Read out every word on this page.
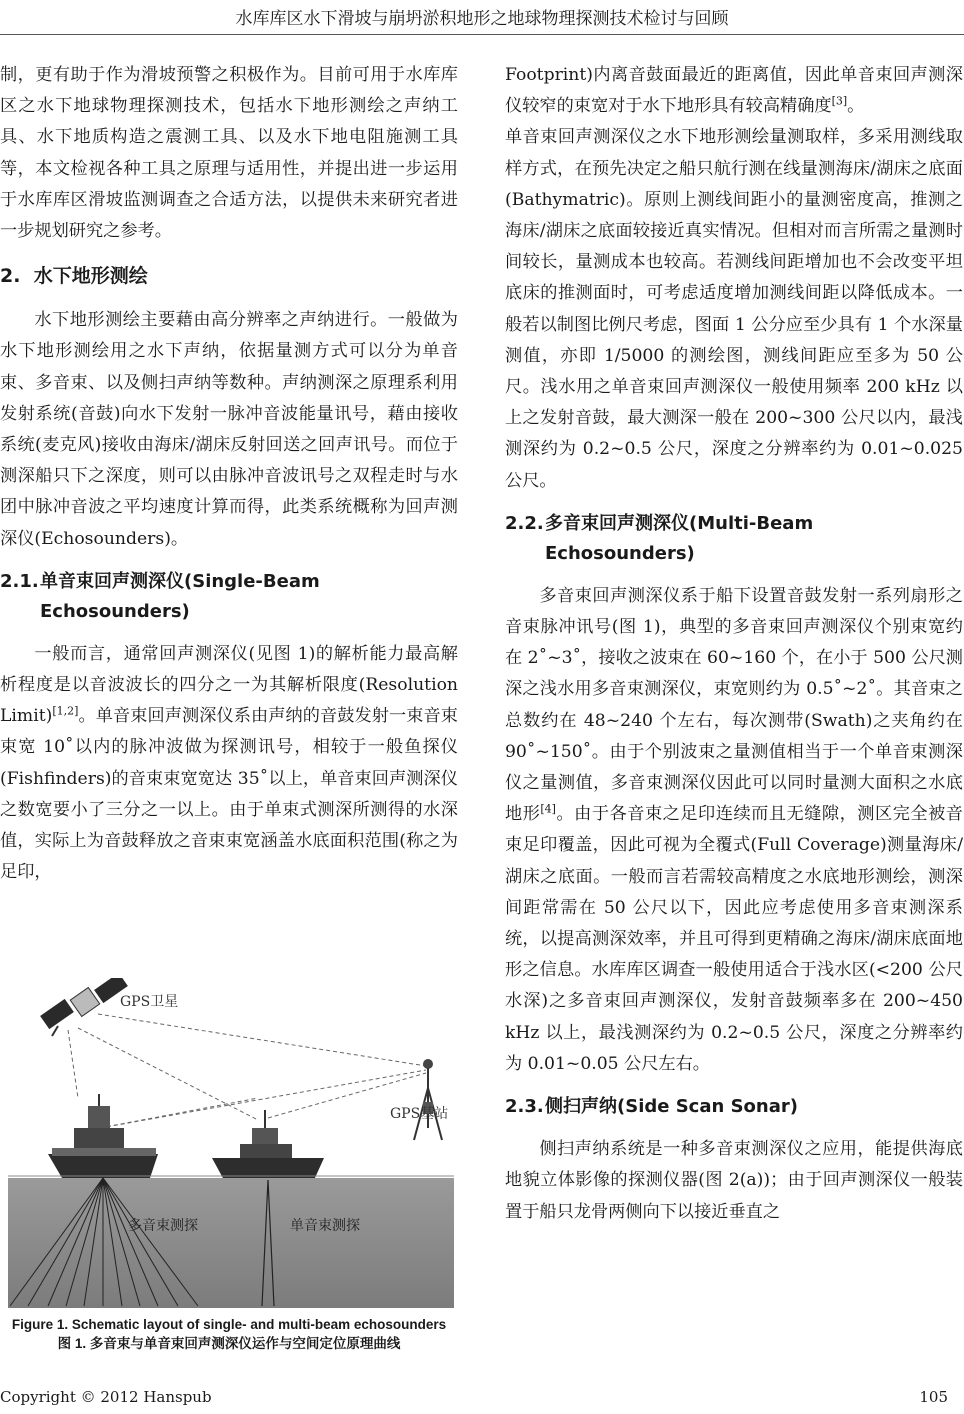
水库库区水下滑坡与崩坍淤积地形之地球物理探测技术检讨与回顾

制，更有助于作为滑坡预警之积极作为。目前可用于水库库区之水下地球物理探测技术，包括水下地形测绘之声纳工具、水下地质构造之震测工具、以及水下地电阻施测工具等，本文检视各种工具之原理与适用性，并提出进一步运用于水库库区滑坡监测调查之合适方法，以提供未来研究者进一步规划研究之参考。

2. 水下地形测绘

水下地形测绘主要藉由高分辨率之声纳进行。一般做为水下地形测绘用之水下声纳，依据量测方式可以分为单音束、多音束、以及侧扫声纳等数种。声纳测深之原理系利用发射系统(音鼓)向水下发射一脉冲音波能量讯号，藉由接收系统(麦克风)接收由海床/湖床反射回送之回声讯号。而位于测深船只下之深度，则可以由脉冲音波讯号之双程走时与水团中脉冲音波之平均速度计算而得，此类系统概称为回声测深仪(Echosounders)。

2.1.单音束回声测深仪(Single-Beam Echosounders)

一般而言，通常回声测深仪(见图 1)的解析能力最高解析程度是以音波波长的四分之一为其解析限度(Resolution Limit)[1,2]。单音束回声测深仪系由声纳的音鼓发射一束音束束宽 10˚以内的脉冲波做为探测讯号，相较于一般鱼探仪(Fishfinders)的音束束宽宽达 35˚以上，单音束回声测深仪之数宽要小了三分之一以上。由于单束式测深所测得的水深值，实际上为音鼓释放之音束束宽涵盖水底面积范围(称之为足印，

GPS卫星
GPS基站
多音束测探	单音束测探
Figure 1. Schematic layout of single- and multi-beam echosounders
图 1. 多音束与单音束回声测深仪运作与空间定位原理曲线

Footprint)内离音鼓面最近的距离值，因此单音束回声测深仪较窄的束宽对于水下地形具有较高精确度[3]。

单音束回声测深仪之水下地形测绘量测取样，多采用测线取样方式，在预先决定之船只航行测在线量测海床/湖床之底面(Bathymatric)。原则上测线间距小的量测密度高，推测之海床/湖床之底面较接近真实情况。但相对而言所需之量测时间较长，量测成本也较高。若测线间距增加也不会改变平坦底床的推测面时，可考虑适度增加测线间距以降低成本。一般若以制图比例尺考虑，图面 1 公分应至少具有 1 个水深量测值，亦即 1/5000 的测绘图，测线间距应至多为 50 公尺。浅水用之单音束回声测深仪一般使用频率 200 kHz 以上之发射音鼓，最大测深一般在 200~300 公尺以内，最浅测深约为 0.2~0.5 公尺，深度之分辨率约为 0.01~0.025 公尺。

2.2.多音束回声测深仪(Multi-Beam Echosounders)

多音束回声测深仪系于船下设置音鼓发射一系列扇形之音束脉冲讯号(图 1)，典型的多音束回声测深仪个别束宽约在 2˚~3˚，接收之波束在 60~160 个，在小于 500 公尺测深之浅水用多音束测深仪，束宽则约为 0.5˚~2˚。其音束之总数约在 48~240 个左右，每次测带(Swath)之夹角约在 90˚~150˚。由于个别波束之量测值相当于一个单音束测深仪之量测值，多音束测深仪因此可以同时量测大面积之水底地形[4]。由于各音束之足印连续而且无缝隙，测区完全被音束足印覆盖，因此可视为全覆式(Full Coverage)测量海床/湖床之底面。一般而言若需较高精度之水底地形测绘，测深间距常需在 50 公尺以下，因此应考虑使用多音束测深系统，以提高测深效率，并且可得到更精确之海床/湖床底面地形之信息。水库库区调查一般使用适合于浅水区(<200 公尺水深)之多音束回声测深仪，发射音鼓频率多在 200~450 kHz 以上，最浅测深约为 0.2~0.5 公尺，深度之分辨率约为 0.01~0.05 公尺左右。

2.3.侧扫声纳(Side Scan Sonar)

侧扫声纳系统是一种多音束测深仪之应用，能提供海底地貌立体影像的探测仪器(图 2(a))；由于回声测深仪一般装置于船只龙骨两侧向下以接近垂直之

Copyright © 2012 Hanspub	105
